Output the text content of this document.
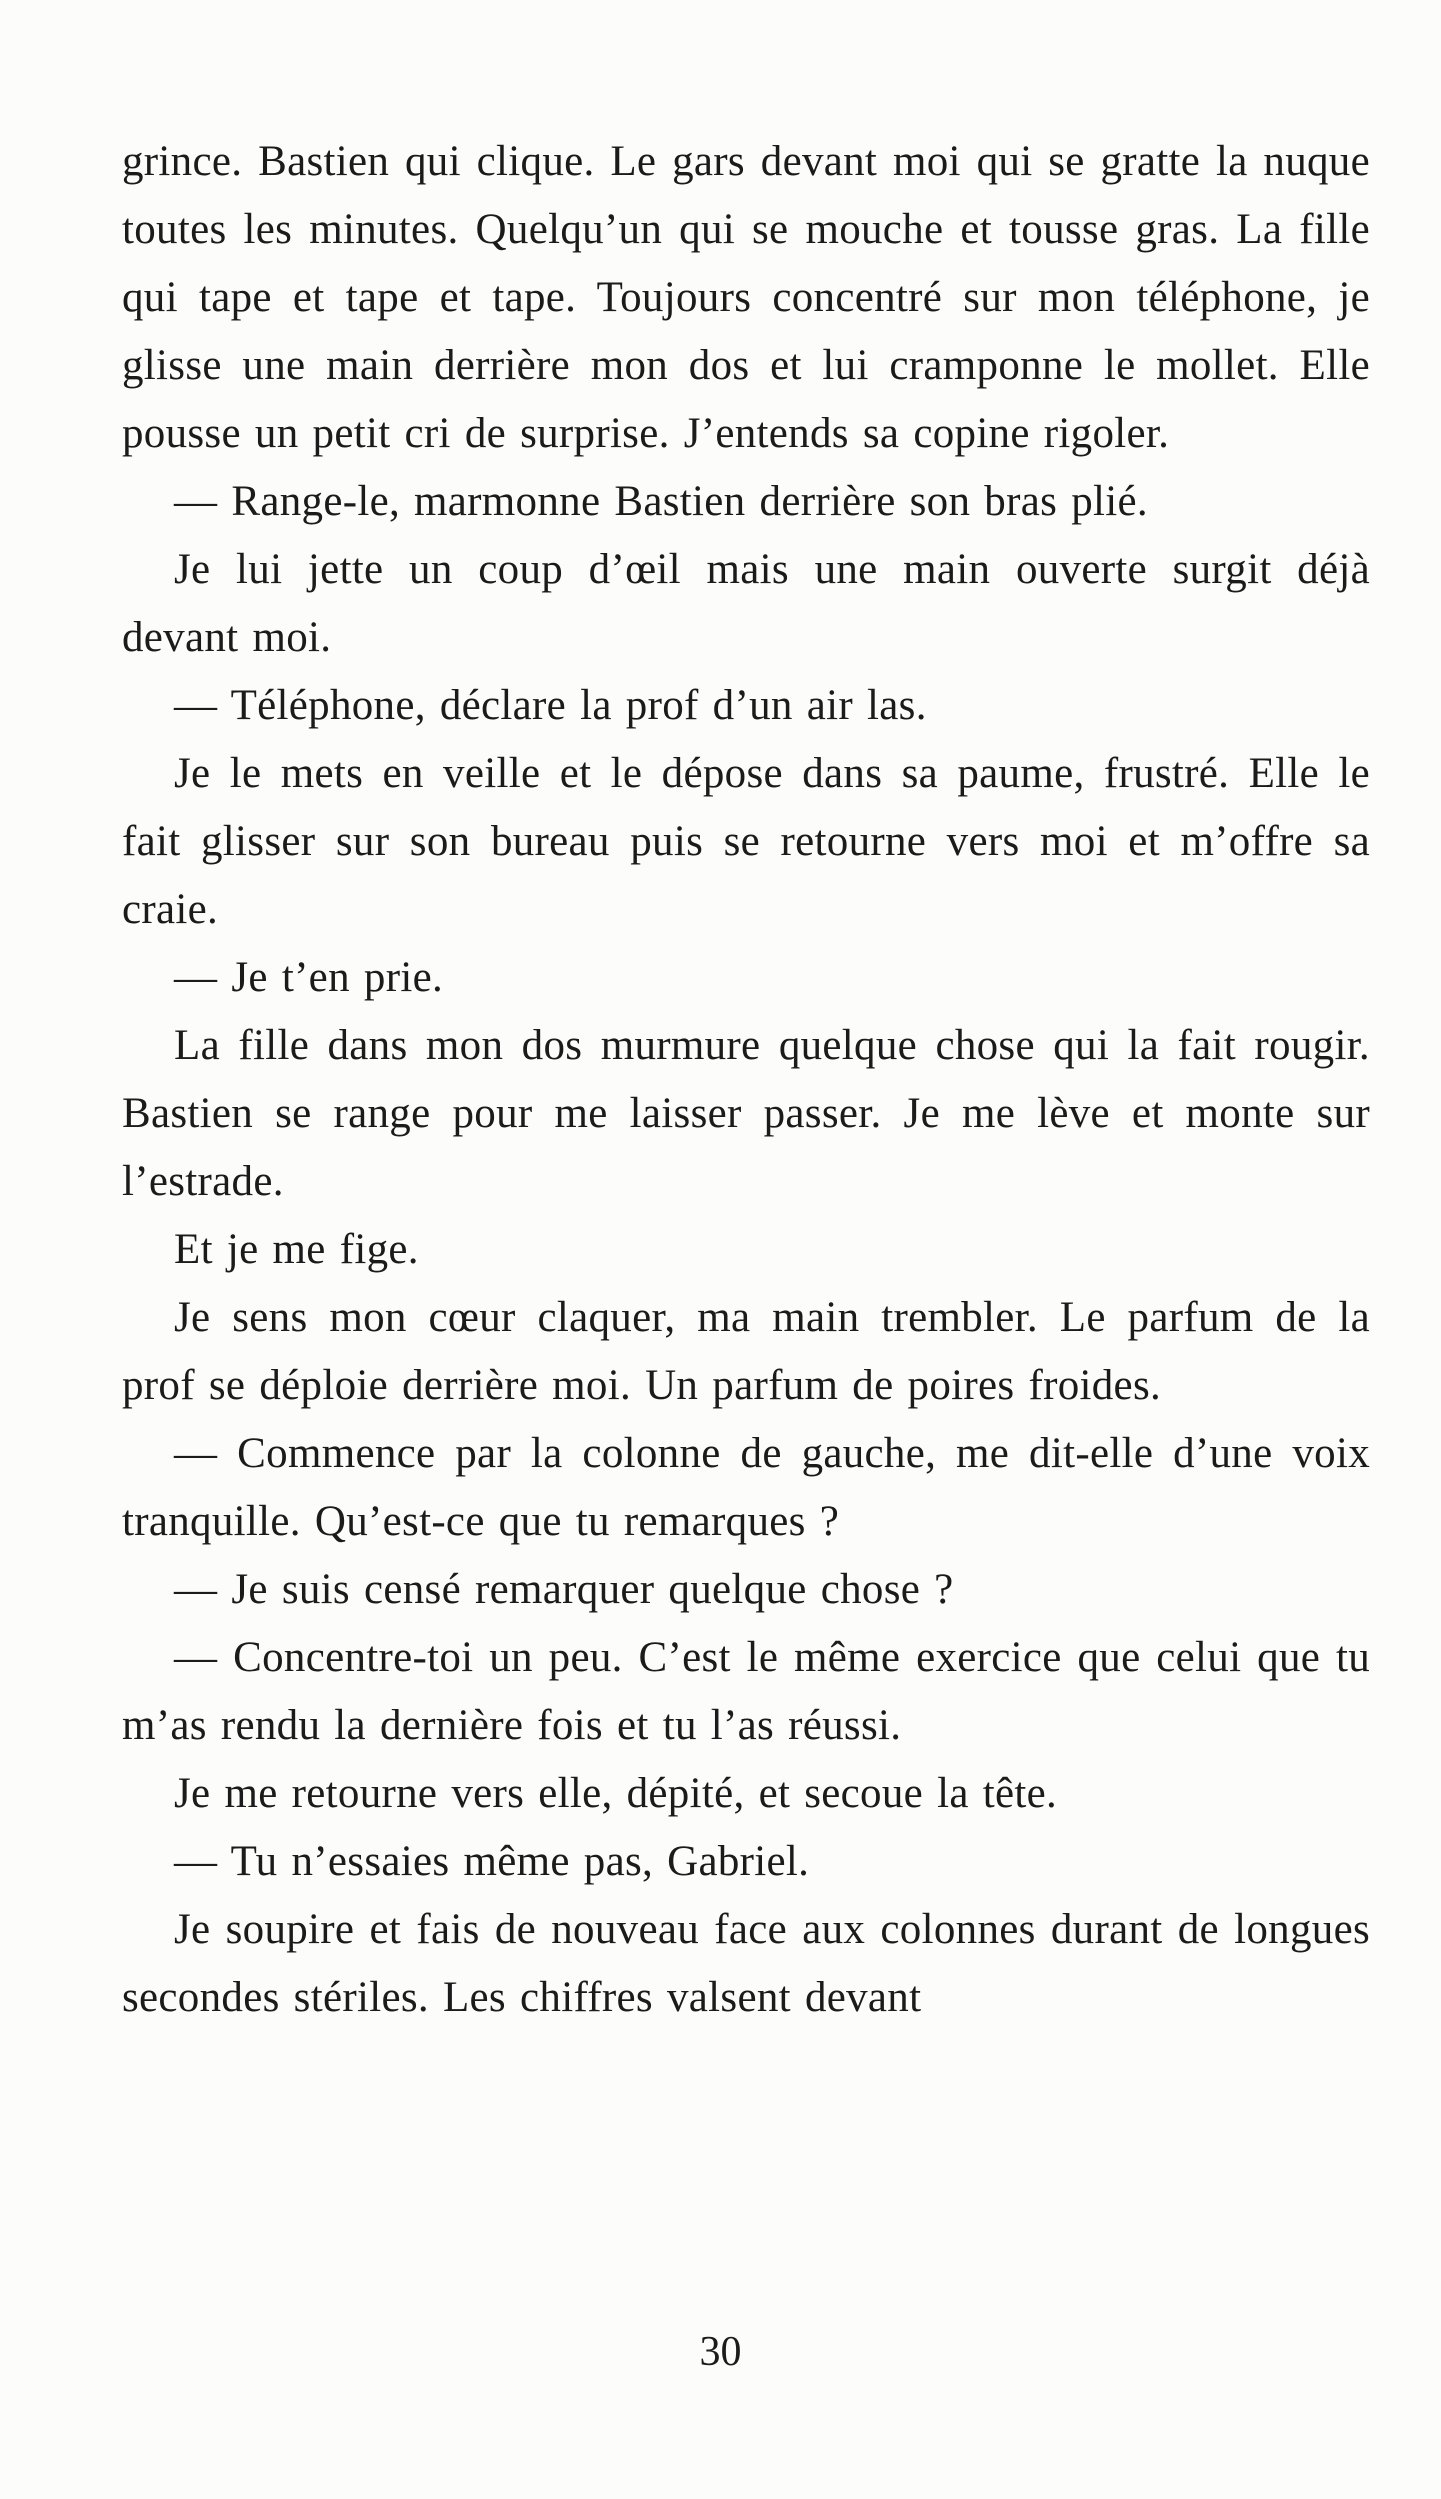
grince. Bastien qui clique. Le gars devant moi qui se gratte la nuque toutes les minutes. Quelqu’un qui se mouche et tousse gras. La fille qui tape et tape et tape. Toujours concentré sur mon téléphone, je glisse une main derrière mon dos et lui cramponne le mollet. Elle pousse un petit cri de surprise. J’entends sa copine rigoler.

— Range-le, marmonne Bastien derrière son bras plié.

Je lui jette un coup d’œil mais une main ouverte surgit déjà devant moi.

— Téléphone, déclare la prof d’un air las.

Je le mets en veille et le dépose dans sa paume, frustré. Elle le fait glisser sur son bureau puis se retourne vers moi et m’offre sa craie.

— Je t’en prie.

La fille dans mon dos murmure quelque chose qui la fait rougir. Bastien se range pour me laisser passer. Je me lève et monte sur l’estrade.

Et je me fige.

Je sens mon cœur claquer, ma main trembler. Le parfum de la prof se déploie derrière moi. Un parfum de poires froides.

— Commence par la colonne de gauche, me dit-elle d’une voix tranquille. Qu’est-ce que tu remarques ?

— Je suis censé remarquer quelque chose ?

— Concentre-toi un peu. C’est le même exercice que celui que tu m’as rendu la dernière fois et tu l’as réussi.

Je me retourne vers elle, dépité, et secoue la tête.

— Tu n’essaies même pas, Gabriel.

Je soupire et fais de nouveau face aux colonnes durant de longues secondes stériles. Les chiffres valsent devant

30
